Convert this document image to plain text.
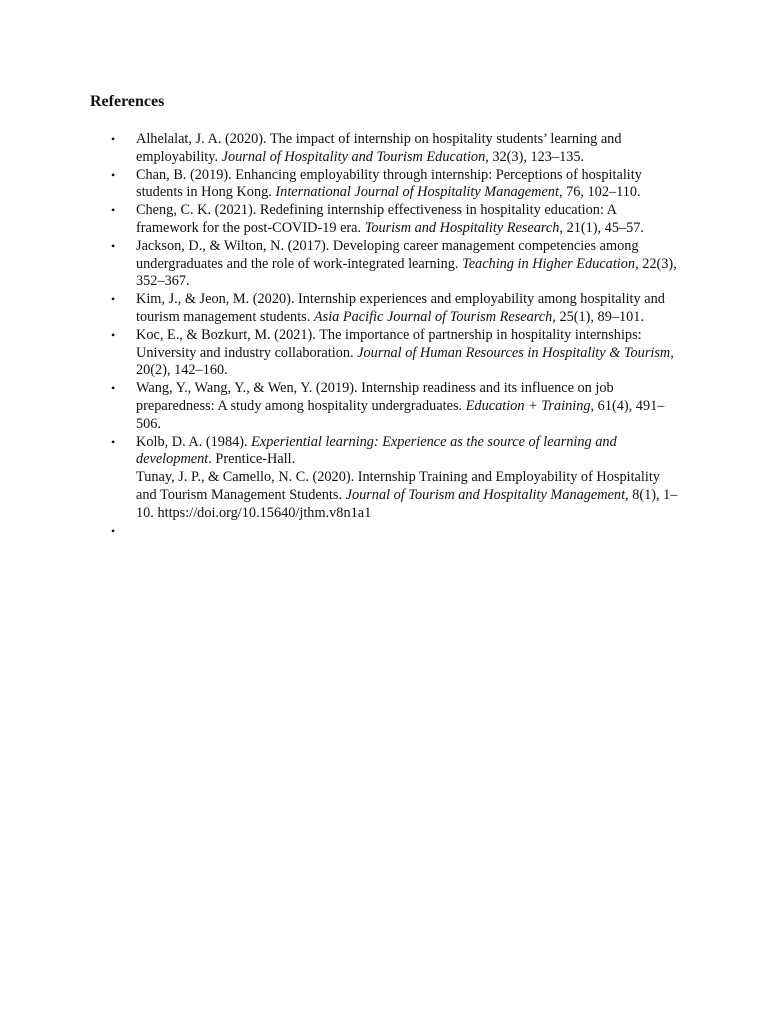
References
•	Alhelalat, J. A. (2020). The impact of internship on hospitality students’ learning and employability. Journal of Hospitality and Tourism Education, 32(3), 123–135.
•	Chan, B. (2019). Enhancing employability through internship: Perceptions of hospitality students in Hong Kong. International Journal of Hospitality Management, 76, 102–110.
•	Cheng, C. K. (2021). Redefining internship effectiveness in hospitality education: A framework for the post-COVID-19 era. Tourism and Hospitality Research, 21(1), 45–57.
•	Jackson, D., & Wilton, N. (2017). Developing career management competencies among undergraduates and the role of work-integrated learning. Teaching in Higher Education, 22(3), 352–367.
•	Kim, J., & Jeon, M. (2020). Internship experiences and employability among hospitality and tourism management students. Asia Pacific Journal of Tourism Research, 25(1), 89–101.
•	Koc, E., & Bozkurt, M. (2021). The importance of partnership in hospitality internships: University and industry collaboration. Journal of Human Resources in Hospitality & Tourism, 20(2), 142–160.
•	Wang, Y., Wang, Y., & Wen, Y. (2019). Internship readiness and its influence on job preparedness: A study among hospitality undergraduates. Education + Training, 61(4), 491–506.
•	Kolb, D. A. (1984). Experiential learning: Experience as the source of learning and development. Prentice-Hall.
Tunay, J. P., & Camello, N. C. (2020). Internship Training and Employability of Hospitality and Tourism Management Students. Journal of Tourism and Hospitality Management, 8(1), 1–10. https://doi.org/10.15640/jthm.v8n1a1
•
